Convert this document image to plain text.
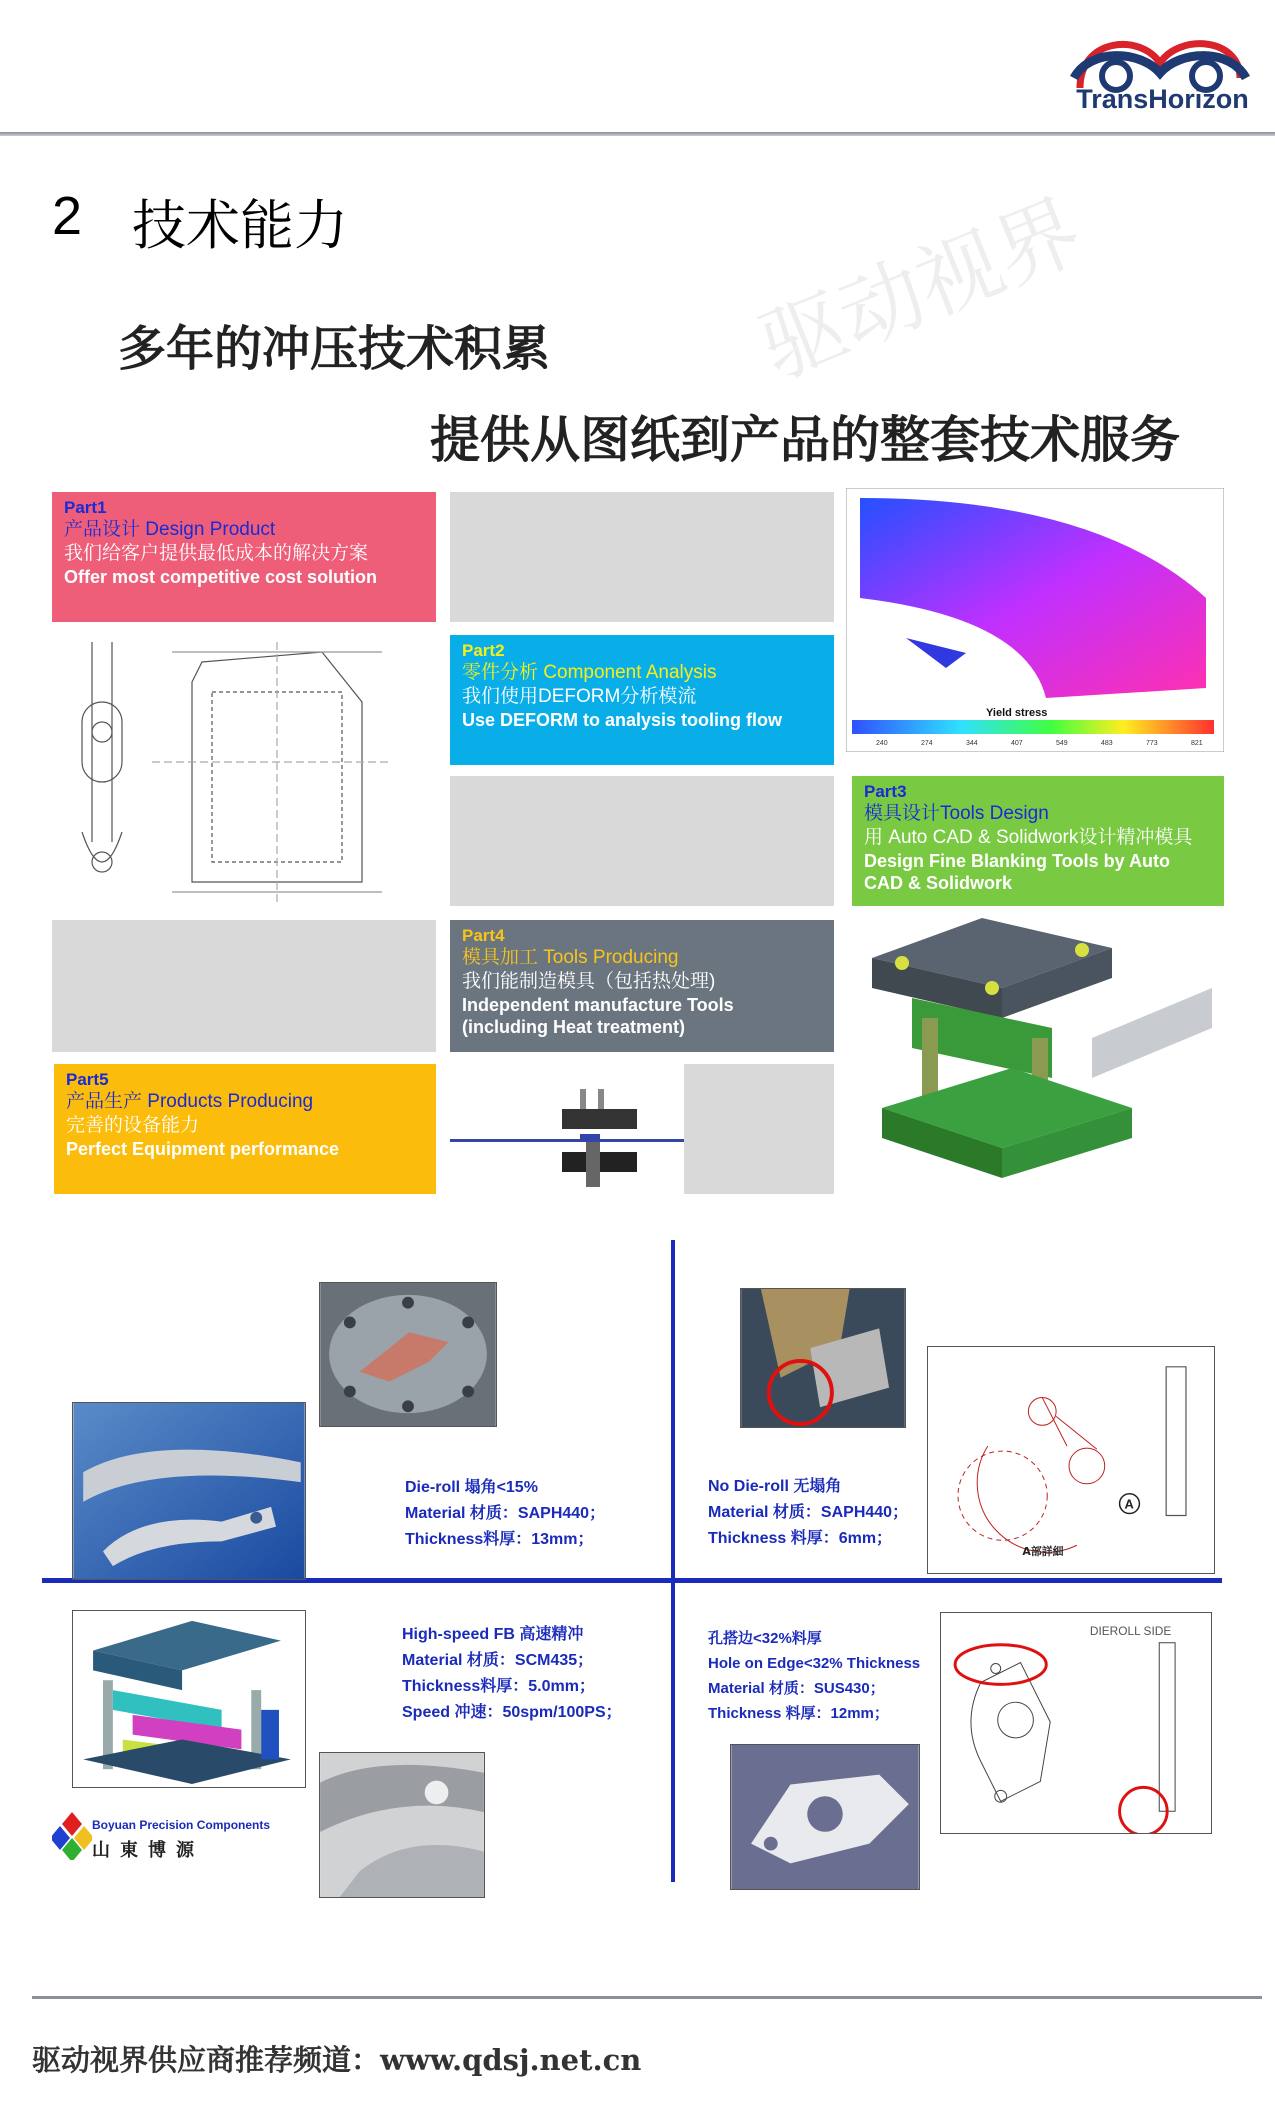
TransHorizon
2 技术能力	驱动视界
多年的冲压技术积累
提供从图纸到产品的整套技术服务
Part1
产品设计 Design Product
我们给客户提供最低成本的解决方案
Offer most competitive cost solution
Part2
零件分析 Component Analysis
我们使用DEFORM分析模流
Use DEFORM to analysis tooling flow
Part3
模具设计Tools Design
用 Auto CAD & Solidwork设计精冲模具
Design Fine Blanking Tools by Auto CAD & Solidwork
Part4
模具加工 Tools Producing
我们能制造模具（包括热处理)
Independent manufacture Tools (including Heat treatment)
Part5
产品生产 Products Producing
完善的设备能力
Perfect Equipment performance
Yield stress
240	274	344	407	549	483	773	821
Die-roll 塌角<15%
Material 材质：SAPH440；
Thickness料厚：13mm；
No Die-roll 无塌角
Material 材质：SAPH440；
Thickness 料厚：6mm；
A
A部詳細
Boyuan Precision Components
山東博源
High-speed FB 高速精冲
Material 材质：SCM435；
Thickness料厚：5.0mm；
Speed 冲速：50spm/100PS；
孔搭边<32%料厚
Hole on Edge<32% Thickness
Material 材质：SUS430；
Thickness 料厚：12mm；
DIEROLL SIDE
驱动视界供应商推荐频道：www.qdsj.net.cn
